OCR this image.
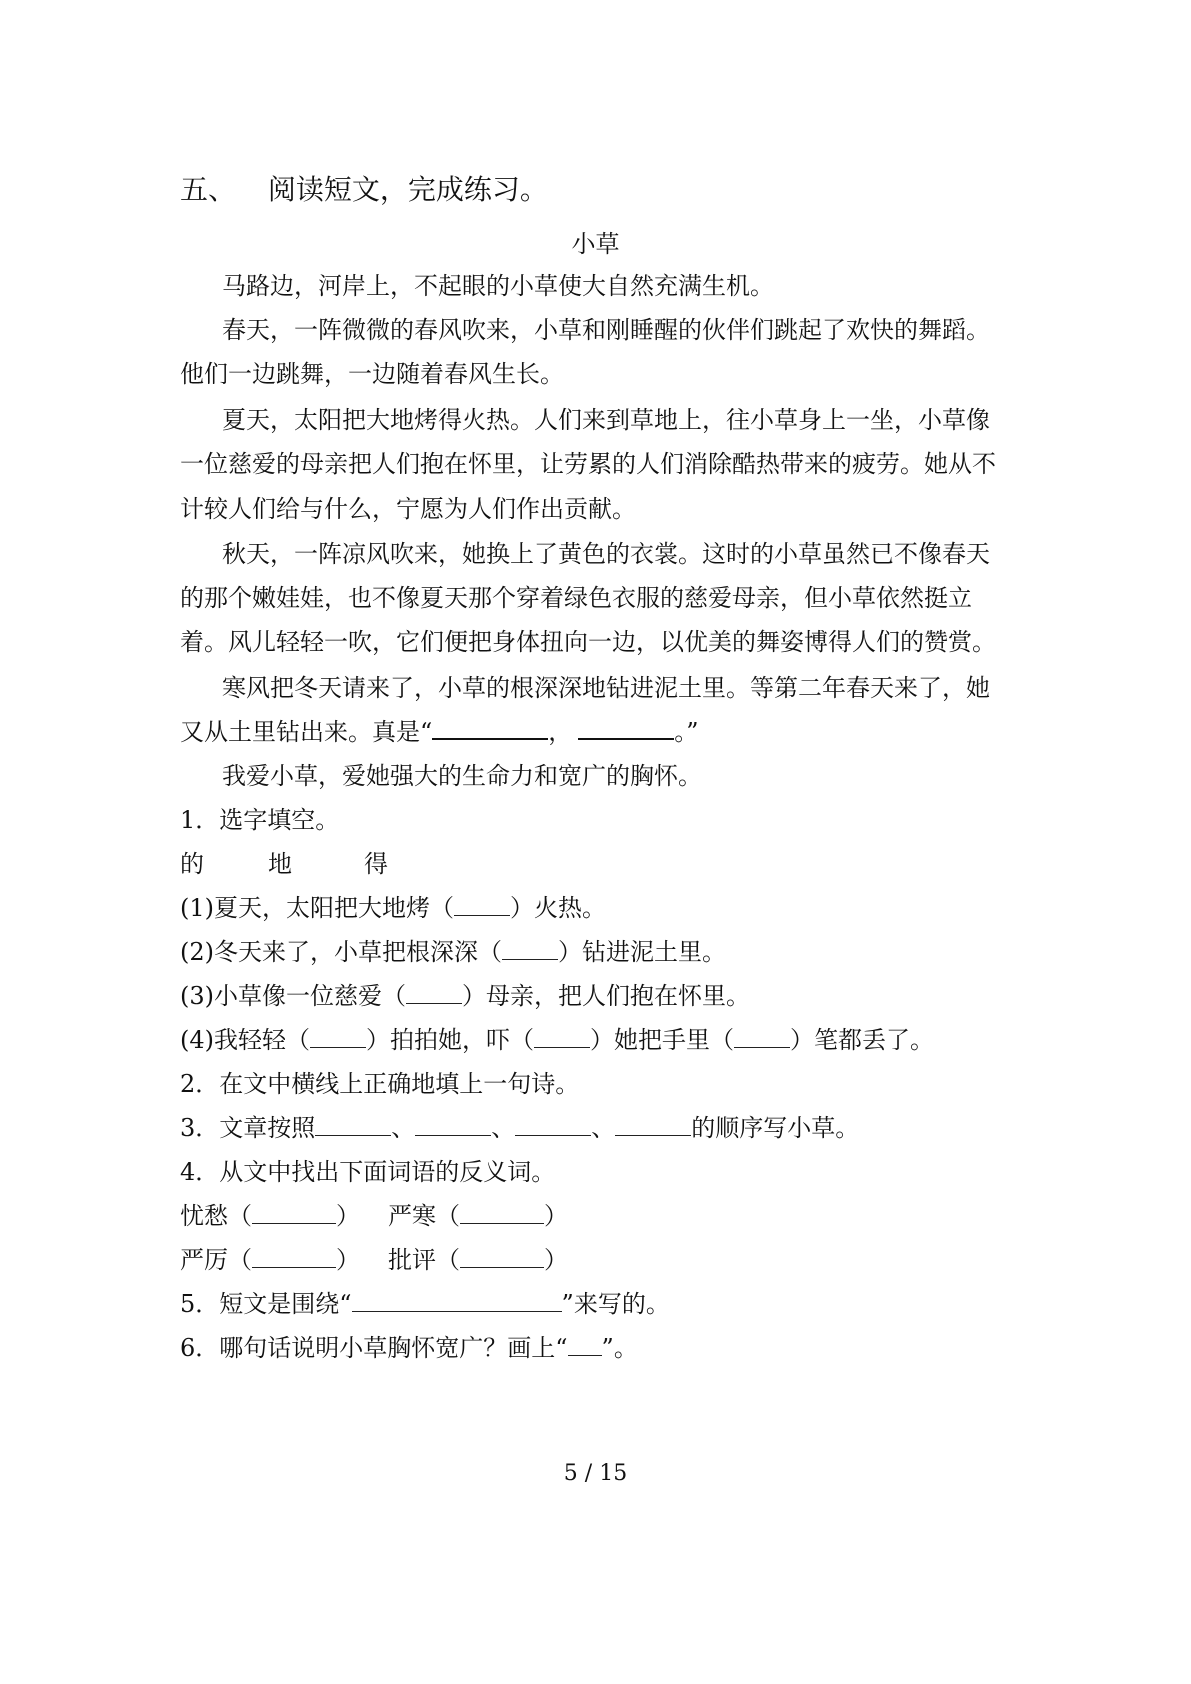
五、 阅读短文，完成练习。
小草
马路边，河岸上，不起眼的小草使大自然充满生机。
春天，一阵微微的春风吹来，小草和刚睡醒的伙伴们跳起了欢快的舞蹈。
他们一边跳舞，一边随着春风生长。
夏天，太阳把大地烤得火热。人们来到草地上，往小草身上一坐，小草像
一位慈爱的母亲把人们抱在怀里，让劳累的人们消除酷热带来的疲劳。她从不
计较人们给与什么，宁愿为人们作出贡献。
秋天，一阵凉风吹来，她换上了黄色的衣裳。这时的小草虽然已不像春天
的那个嫩娃娃，也不像夏天那个穿着绿色衣服的慈爱母亲，但小草依然挺立
着。风儿轻轻一吹，它们便把身体扭向一边，以优美的舞姿博得人们的赞赏。
寒风把冬天请来了，小草的根深深地钻进泥土里。等第二年春天来了，她
又从土里钻出来。真是“	，	。”
我爱小草，爱她强大的生命力和宽广的胸怀。
1．选字填空。
的	地	得
(1)夏天，太阳把大地烤（ ）火热。
(2)冬天来了，小草把根深深（ ）钻进泥土里。
(3)小草像一位慈爱（ ）母亲，把人们抱在怀里。
(4)我轻轻（ ）拍拍她，吓（ ）她把手里（ ）笔都丢了。
2．在文中横线上正确地填上一句诗。
3．文章按照	、	、	、	的顺序写小草。
4．从文中找出下面词语的反义词。
忧愁（	） 严寒（	）
严厉（	） 批评（	）
5．短文是围绕“	”来写的。
6．哪句话说明小草胸怀宽广？画上“ ”。
5 / 15
